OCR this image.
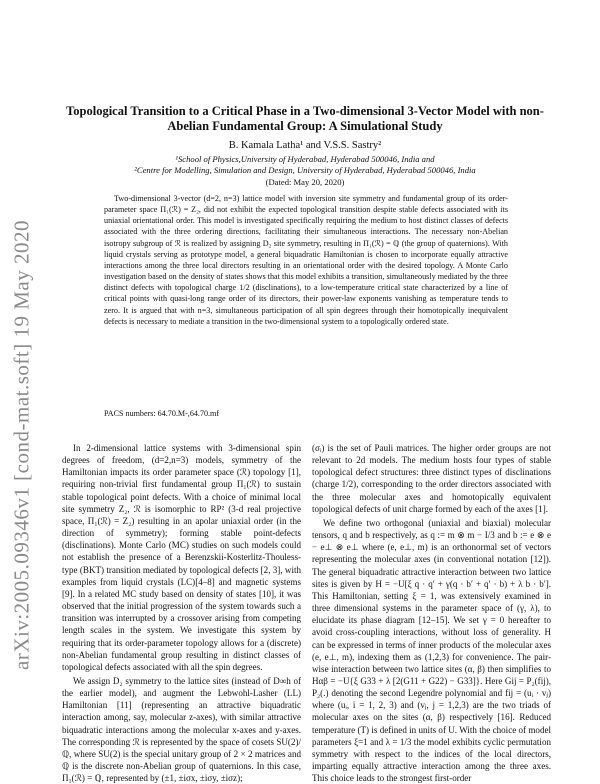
arXiv:2005.09346v1 [cond-mat.soft] 19 May 2020
Topological Transition to a Critical Phase in a Two-dimensional 3-Vector Model with non-Abelian Fundamental Group: A Simulational Study
B. Kamala Latha¹ and V.S.S. Sastry²
¹School of Physics,University of Hyderabad, Hyderabad 500046, India and
²Centre for Modelling, Simulation and Design, University of Hyderabad, Hyderabad 500046, India
(Dated: May 20, 2020)

Two-dimensional 3-vector (d=2, n=3) lattice model with inversion site symmetry and fundamental group of its order-parameter space Π₁(ℛ) = Z₂, did not exhibit the expected topological transition despite stable defects associated with its uniaxial orientational order. This model is investigated specifically requiring the medium to host distinct classes of defects associated with the three ordering directions, facilitating their simultaneous interactions. The necessary non-Abelian isotropy subgroup of ℛ is realized by assigning D₂ site symmetry, resulting in Π₁(ℛ) = ℚ (the group of quaternions). With liquid crystals serving as prototype model, a general biquadratic Hamiltonian is chosen to incorporate equally attractive interactions among the three local directors resulting in an orientational order with the desired topology. A Monte Carlo investigation based on the density of states shows that this model exhibits a transition, simultaneously mediated by the three distinct defects with topological charge 1/2 (disclinations), to a low-temperature critical state characterized by a line of critical points with quasi-long range order of its directors, their power-law exponents vanishing as temperature tends to zero. It is argued that with n=3, simultaneous participation of all spin degrees through their homotopically inequivalent defects is necessary to mediate a transition in the two-dimensional system to a topologically ordered state.

PACS numbers: 64.70.M-,64.70.mf

In 2-dimensional lattice systems with 3-dimensional spin degrees of freedom, (d=2,n=3) models, symmetry of the Hamiltonian impacts its order parameter space (ℛ) topology [1], requiring non-trivial first fundamental group Π₁(ℛ) to sustain stable topological point defects. With a choice of minimal local site symmetry Z₂, ℛ is isomorphic to RP² (3-d real projective space, Π₁(ℛ) = Z₂) resulting in an apolar uniaxial order (in the direction of symmetry); forming stable point-defects (disclinations). Monte Carlo (MC) studies on such models could not establish the presence of a Berenzskii-Kosterlitz-Thouless-type (BKT) transition mediated by topological defects [2, 3], with examples from liquid crystals (LC)[4–8] and magnetic systems [9]. In a related MC study based on density of states [10], it was observed that the initial progression of the system towards such a transition was interrupted by a crossover arising from competing length scales in the system. We investigate this system by requiring that its order-parameter topology allows for a (discrete) non-Abelian fundamental group resulting in distinct classes of topological defects associated with all the spin degrees.

We assign D₂ symmetry to the lattice sites (instead of D∞h of the earlier model), and augment the Lebwohl-Lasher (LL) Hamiltonian [11] (representing an attractive biquadratic interaction among, say, molecular z-axes), with similar attractive biquadratic interactions among the molecular x-axes and y-axes. The corresponding ℛ is represented by the space of cosets SU(2)/ℚ, where SU(2) is the special unitary group of 2 × 2 matrices and ℚ is the discrete non-Abelian group of quaternions. In this case, Π₁(ℛ) = ℚ, represented by (±1, ±iσx, ±iσy, ±iσz);

(σᵢ) is the set of Pauli matrices. The higher order groups are not relevant to 2d models. The medium hosts four types of stable topological defect structures: three distinct types of disclinations (charge 1/2), corresponding to the order directors associated with the three molecular axes and homotopically equivalent topological defects of unit charge formed by each of the axes [1].

We define two orthogonal (uniaxial and biaxial) molecular tensors, q and b respectively, as q := m ⊗ m − I/3 and b := e ⊗ e − e⊥ ⊗ e⊥ where (e, e⊥, m) is an orthonormal set of vectors representing the molecular axes (in conventional notation [12]). The general biquadratic attractive interaction between two lattice sites is given by H = −U[ξ q · q′ + γ(q · b′ + q′ · b) + λ b · b′]. This Hamiltonian, setting ξ = 1, was extensively examined in three dimensional systems in the parameter space of (γ, λ), to elucidate its phase diagram [12–15]. We set γ = 0 hereafter to avoid cross-coupling interactions, without loss of generality. H can be expressed in terms of inner products of the molecular axes (e, e⊥, m), indexing them as (1,2,3) for convenience. The pair-wise interaction between two lattice sites (α, β) then simplifies to Hαβ = −U{ξ G33 + λ [2(G11 + G22) − G33]}. Here Gij = P₂(fij), P₂(.) denoting the second Legendre polynomial and fij = (uᵢ · vⱼ) where (uᵢ, i = 1, 2, 3) and (vⱼ, j = 1,2,3) are the two triads of molecular axes on the sites (α, β) respectively [16]. Reduced temperature (T) is defined in units of U. With the choice of model parameters ξ=1 and λ = 1/3 the model exhibits cyclic permutation symmetry with respect to the indices of the local directors, imparting equally attractive interaction among the three axes. This choice leads to the strongest first-order
